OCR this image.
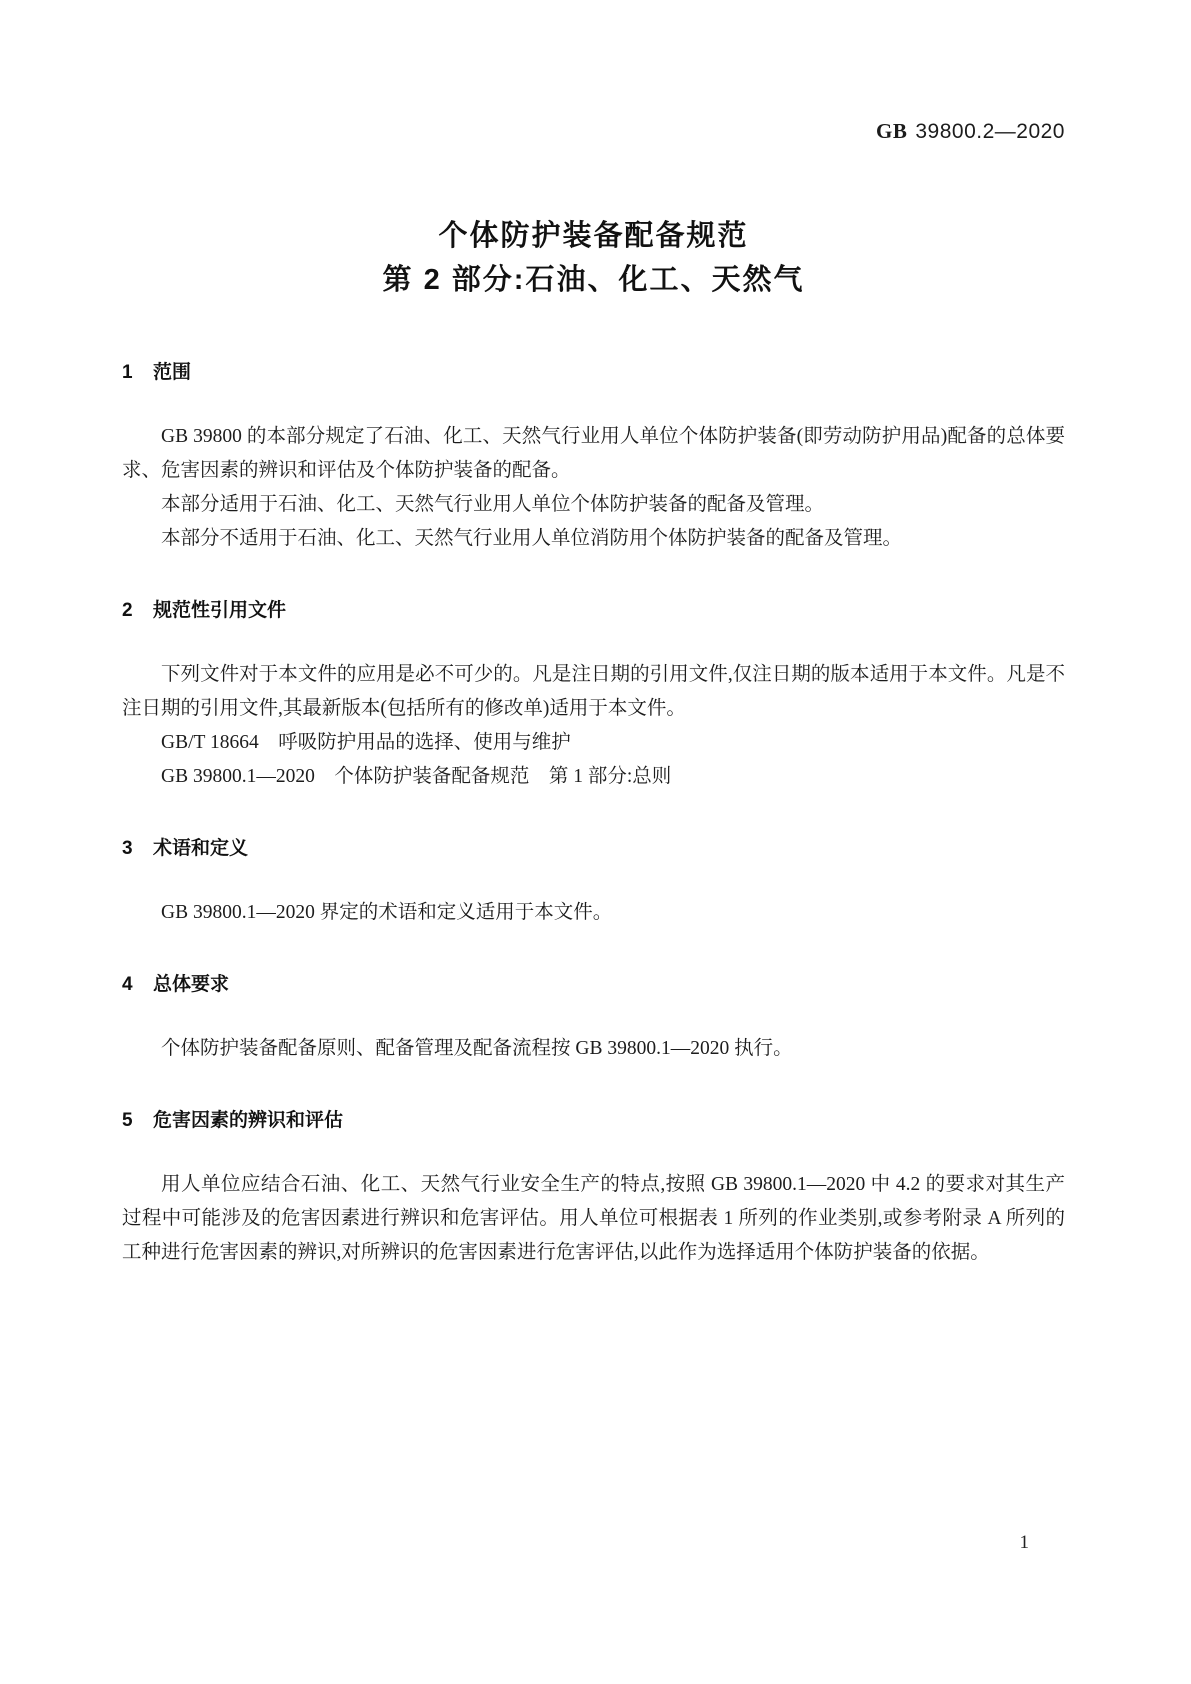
GB 39800.2—2020
个体防护装备配备规范
第 2 部分:石油、化工、天然气
1 范围

GB 39800 的本部分规定了石油、化工、天然气行业用人单位个体防护装备(即劳动防护用品)配备的总体要求、危害因素的辨识和评估及个体防护装备的配备。

本部分适用于石油、化工、天然气行业用人单位个体防护装备的配备及管理。

本部分不适用于石油、化工、天然气行业用人单位消防用个体防护装备的配备及管理。

2 规范性引用文件

下列文件对于本文件的应用是必不可少的。凡是注日期的引用文件,仅注日期的版本适用于本文件。凡是不注日期的引用文件,其最新版本(包括所有的修改单)适用于本文件。

GB/T 18664　呼吸防护用品的选择、使用与维护

GB 39800.1—2020　个体防护装备配备规范　第 1 部分:总则

3 术语和定义

GB 39800.1—2020 界定的术语和定义适用于本文件。

4 总体要求

个体防护装备配备原则、配备管理及配备流程按 GB 39800.1—2020 执行。

5 危害因素的辨识和评估

用人单位应结合石油、化工、天然气行业安全生产的特点,按照 GB 39800.1—2020 中 4.2 的要求对其生产过程中可能涉及的危害因素进行辨识和危害评估。用人单位可根据表 1 所列的作业类别,或参考附录 A 所列的工种进行危害因素的辨识,对所辨识的危害因素进行危害评估,以此作为选择适用个体防护装备的依据。

1
